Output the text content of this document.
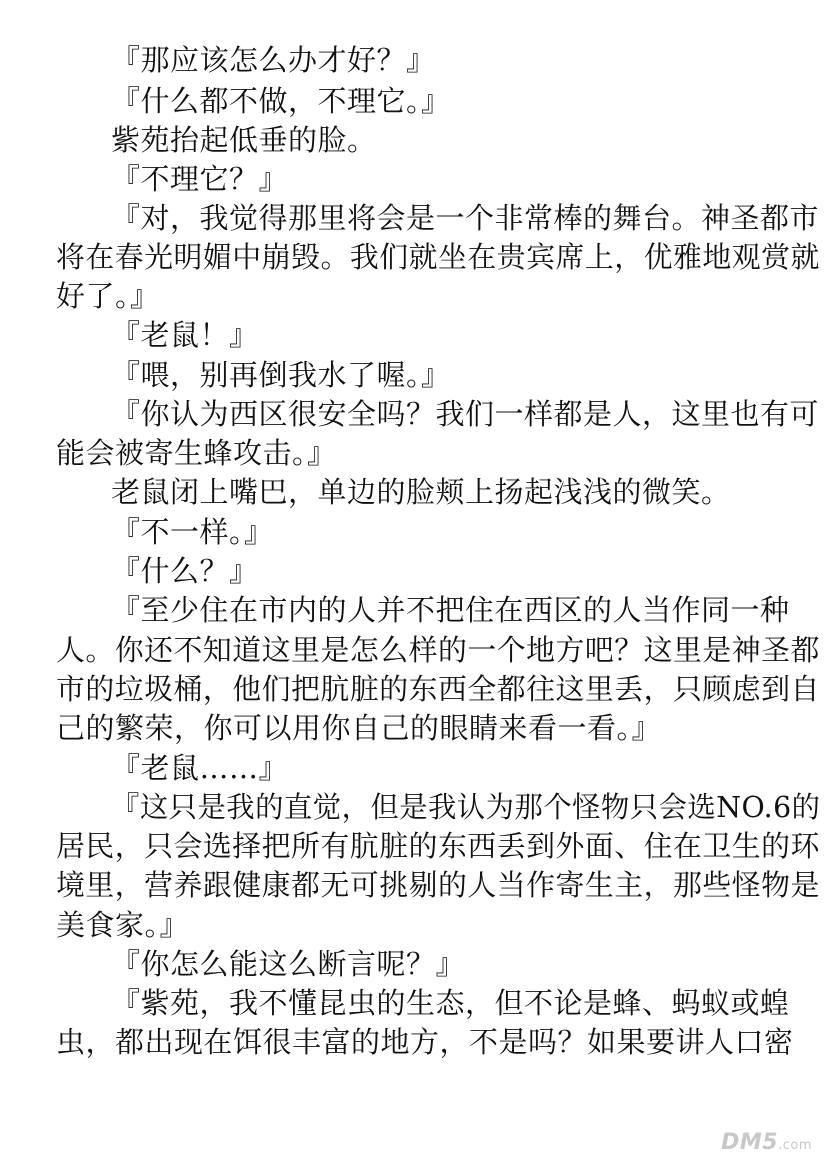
『那应该怎么办才好？』
『什么都不做，不理它。』
紫苑抬起低垂的脸。
『不理它？』
『对，我觉得那里将会是一个非常棒的舞台。神圣都市
将在春光明媚中崩毁。我们就坐在贵宾席上，优雅地观赏就
好了。』
『老鼠！』
『喂，别再倒我水了喔。』
『你认为西区很安全吗？我们一样都是人，这里也有可
能会被寄生蜂攻击。』
老鼠闭上嘴巴，单边的脸颊上扬起浅浅的微笑。
『不一样。』
『什么？』
『至少住在市内的人并不把住在西区的人当作同一种
人。你还不知道这里是怎么样的一个地方吧？这里是神圣都
市的垃圾桶，他们把肮脏的东西全都往这里丢，只顾虑到自
己的繁荣，你可以用你自己的眼睛来看一看。』
『老鼠……』
『这只是我的直觉，但是我认为那个怪物只会选NO.6的
居民，只会选择把所有肮脏的东西丢到外面、住在卫生的环
境里，营养跟健康都无可挑剔的人当作寄生主，那些怪物是
美食家。』
『你怎么能这么断言呢？』
『紫苑，我不懂昆虫的生态，但不论是蜂、蚂蚁或蝗
虫，都出现在饵很丰富的地方，不是吗？如果要讲人口密
DM5.com
